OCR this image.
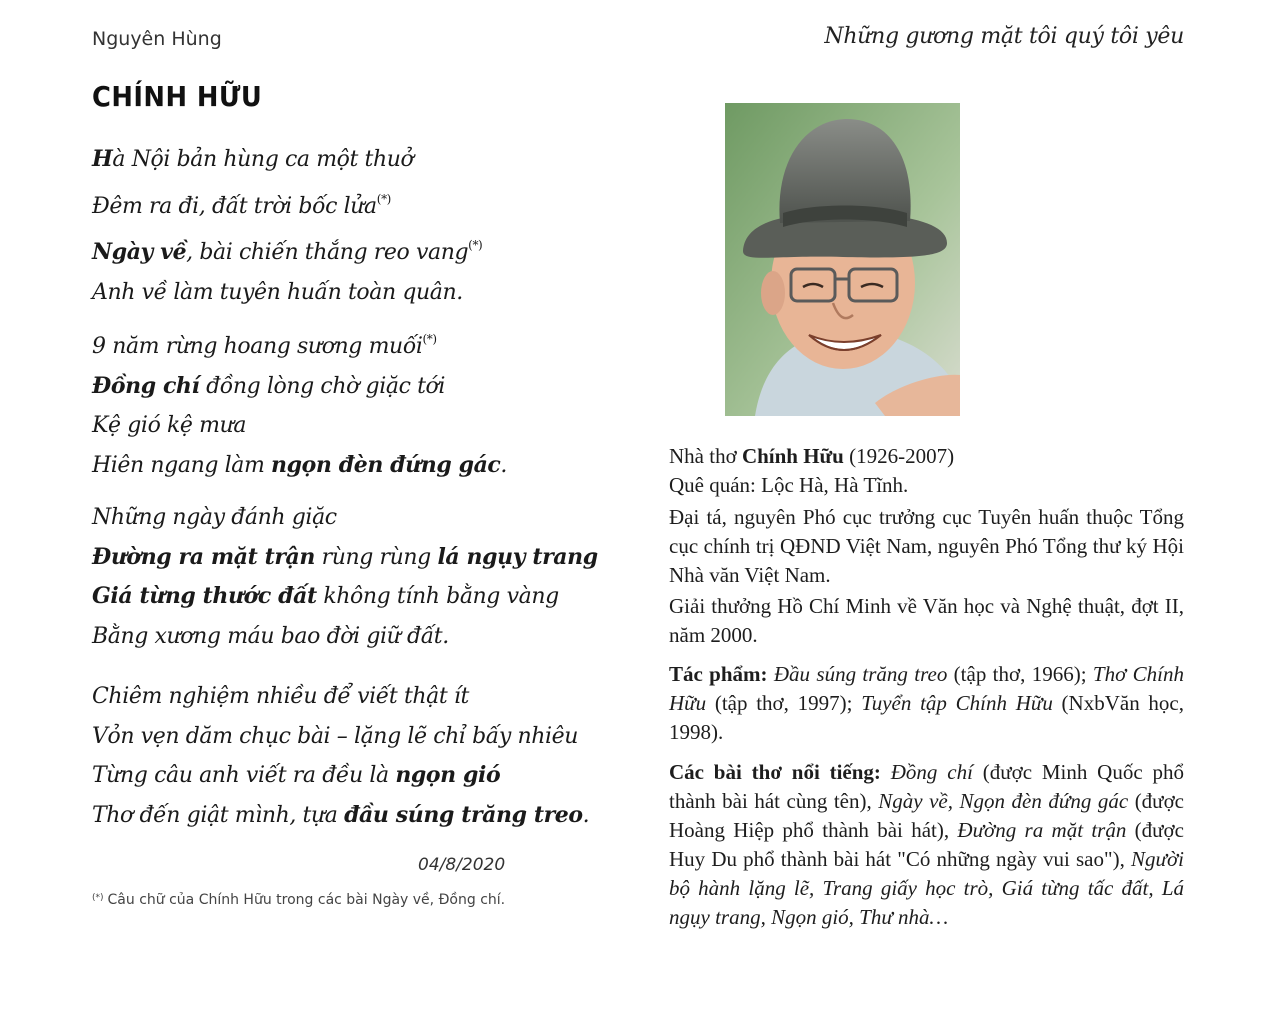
Nguyên Hùng	Những gương mặt tôi quý tôi yêu
CHÍNH HỮU
Hà Nội bản hùng ca một thuở
Đêm ra đi, đất trời bốc lửa(*)
Ngày về, bài chiến thắng reo vang(*)
Anh về làm tuyên huấn toàn quân.
9 năm rừng hoang sương muối(*)
Đồng chí đồng lòng chờ giặc tới
Kệ gió kệ mưa
Hiên ngang làm ngọn đèn đứng gác.
Những ngày đánh giặc
Đường ra mặt trận rùng rùng lá ngụy trang
Giá từng thước đất không tính bằng vàng
Bằng xương máu bao đời giữ đất.
Chiêm nghiệm nhiều để viết thật ít
Vỏn vẹn dăm chục bài – lặng lẽ chỉ bấy nhiêu
Từng câu anh viết ra đều là ngọn gió
Thơ đến giật mình, tựa đầu súng trăng treo.
04/8/2020
(*) Câu chữ của Chính Hữu trong các bài Ngày về, Đồng chí.
Nhà thơ Chính Hữu (1926-2007)
Quê quán: Lộc Hà, Hà Tĩnh.
Đại tá, nguyên Phó cục trưởng cục Tuyên huấn thuộc Tổng cục chính trị QĐND Việt Nam, nguyên Phó Tổng thư ký Hội Nhà văn Việt Nam.
Giải thưởng Hồ Chí Minh về Văn học và Nghệ thuật, đợt II, năm 2000.
Tác phẩm: Đầu súng trăng treo (tập thơ, 1966); Thơ Chính Hữu (tập thơ, 1997); Tuyển tập Chính Hữu (NxbVăn học, 1998).
Các bài thơ nổi tiếng: Đồng chí (được Minh Quốc phổ thành bài hát cùng tên), Ngày về, Ngọn đèn đứng gác (được Hoàng Hiệp phổ thành bài hát), Đường ra mặt trận (được Huy Du phổ thành bài hát "Có những ngày vui sao"), Người bộ hành lặng lẽ, Trang giấy học trò, Giá từng tấc đất, Lá ngụy trang, Ngọn gió, Thư nhà…
